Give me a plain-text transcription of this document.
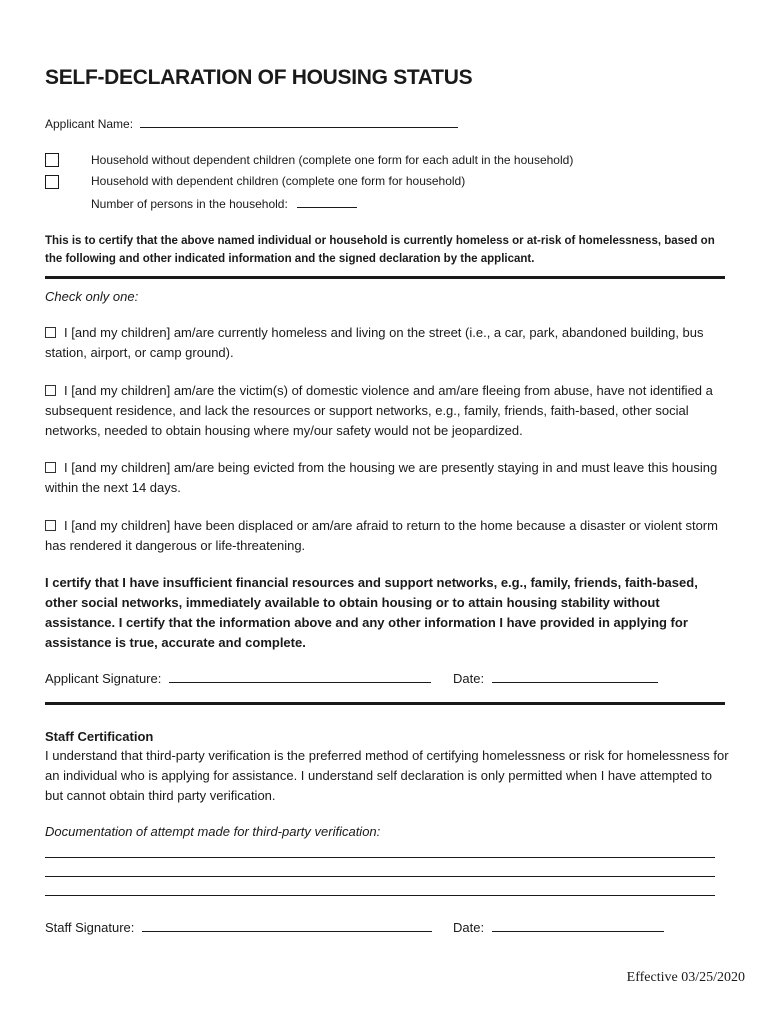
SELF-DECLARATION OF HOUSING STATUS
Applicant Name:
Household without dependent children (complete one form for each adult in the household)
Household with dependent children (complete one form for household)
Number of persons in the household:
This is to certify that the above named individual or household is currently homeless or at-risk of homelessness, based on the following and other indicated information and the signed declaration by the applicant.
Check only one:
I [and my children] am/are currently homeless and living on the street (i.e., a car, park, abandoned building, bus station, airport, or camp ground).
I [and my children] am/are the victim(s) of domestic violence and am/are fleeing from abuse, have not identified a subsequent residence, and lack the resources or support networks, e.g., family, friends, faith-based, other social networks, needed to obtain housing where my/our safety would not be jeopardized.
I [and my children] am/are being evicted from the housing we are presently staying in and must leave this housing within the next 14 days.
I [and my children] have been displaced or am/are afraid to return to the home because a disaster or violent storm has rendered it dangerous or life-threatening.
I certify that I have insufficient financial resources and support networks, e.g., family, friends, faith-based, other social networks, immediately available to obtain housing or to attain housing stability without assistance. I certify that the information above and any other information I have provided in applying for assistance is true, accurate and complete.
Applicant Signature:	Date:
Staff Certification
I understand that third-party verification is the preferred method of certifying homelessness or risk for homelessness for an individual who is applying for assistance. I understand self declaration is only permitted when I have attempted to but cannot obtain third party verification.
Documentation of attempt made for third-party verification:
Staff Signature:	Date:
Effective 03/25/2020
